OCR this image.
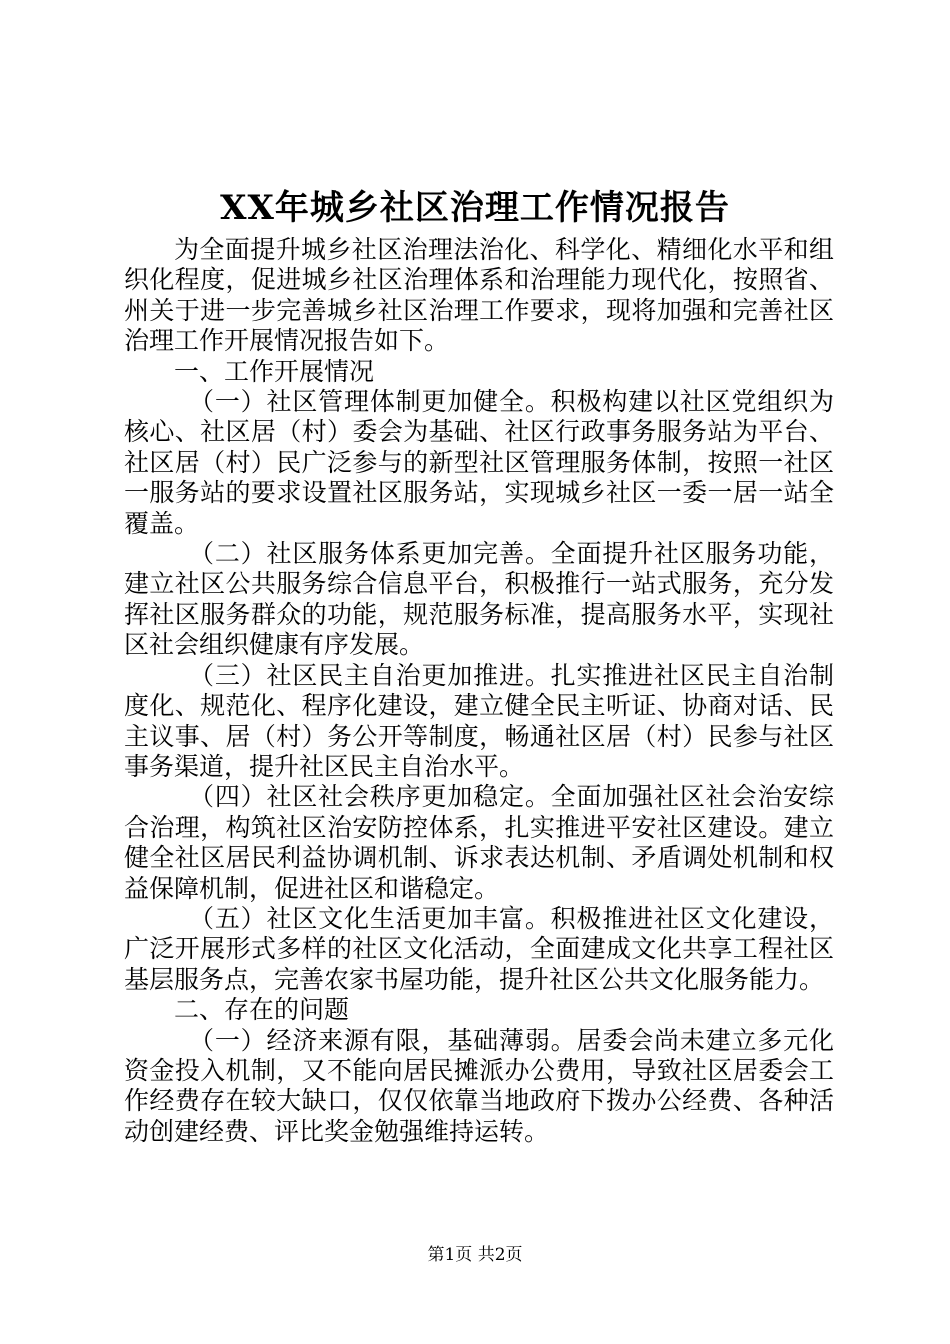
XX年城乡社区治理工作情况报告

为全面提升城乡社区治理法治化、科学化、精细化水平和组织化程度，促进城乡社区治理体系和治理能力现代化，按照省、州关于进一步完善城乡社区治理工作要求，现将加强和完善社区治理工作开展情况报告如下。

一、工作开展情况

（一）社区管理体制更加健全。积极构建以社区党组织为核心、社区居（村）委会为基础、社区行政事务服务站为平台、社区居（村）民广泛参与的新型社区管理服务体制，按照一社区一服务站的要求设置社区服务站，实现城乡社区一委一居一站全覆盖。

（二）社区服务体系更加完善。全面提升社区服务功能，建立社区公共服务综合信息平台，积极推行一站式服务，充分发挥社区服务群众的功能，规范服务标准，提高服务水平，实现社区社会组织健康有序发展。

（三）社区民主自治更加推进。扎实推进社区民主自治制度化、规范化、程序化建设，建立健全民主听证、协商对话、民主议事、居（村）务公开等制度，畅通社区居（村）民参与社区事务渠道，提升社区民主自治水平。

（四）社区社会秩序更加稳定。全面加强社区社会治安综合治理，构筑社区治安防控体系，扎实推进平安社区建设。建立健全社区居民利益协调机制、诉求表达机制、矛盾调处机制和权益保障机制，促进社区和谐稳定。

（五）社区文化生活更加丰富。积极推进社区文化建设，广泛开展形式多样的社区文化活动，全面建成文化共享工程社区基层服务点，完善农家书屋功能，提升社区公共文化服务能力。

二、存在的问题

（一）经济来源有限，基础薄弱。居委会尚未建立多元化资金投入机制，又不能向居民摊派办公费用，导致社区居委会工作经费存在较大缺口，仅仅依靠当地政府下拨办公经费、各种活动创建经费、评比奖金勉强维持运转。

第1页 共2页
